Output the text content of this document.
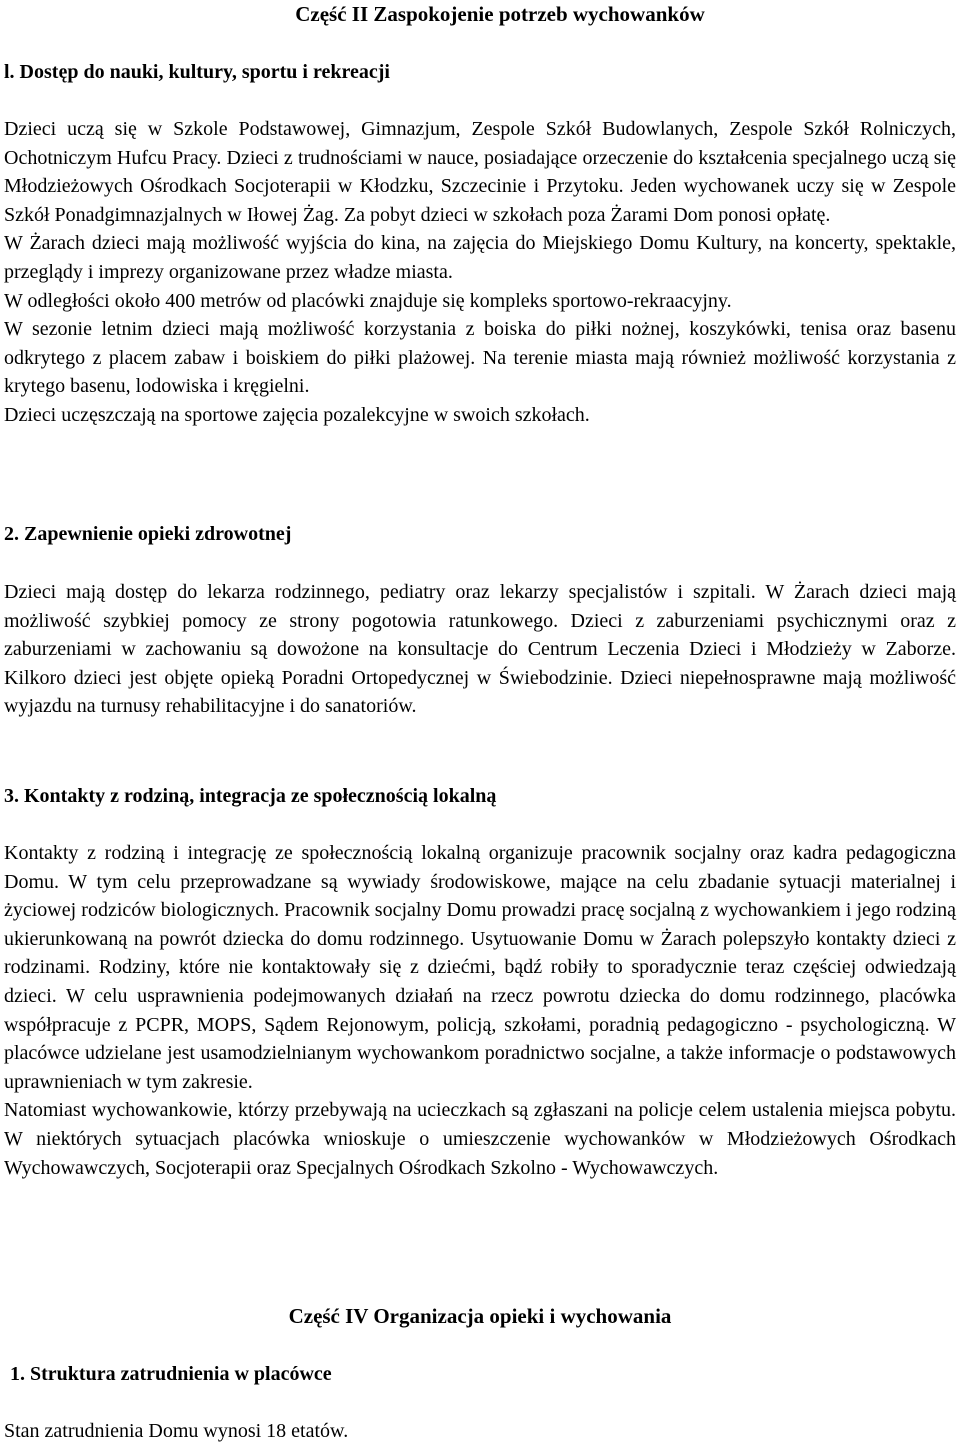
Część II Zaspokojenie potrzeb wychowanków
l. Dostęp do nauki, kultury, sportu i rekreacji

Dzieci uczą się w Szkole Podstawowej, Gimnazjum, Zespole Szkół Budowlanych, Zespole Szkół Rolniczych, Ochotniczym Hufcu Pracy. Dzieci z trudnościami w nauce, posiadające orzeczenie do kształcenia specjalnego uczą się Młodzieżowych Ośrodkach Socjoterapii w Kłodzku, Szczecinie i Przytoku. Jeden wychowanek uczy się w Zespole Szkół Ponadgimnazjalnych w Iłowej Żag. Za pobyt dzieci w szkołach poza Żarami Dom ponosi opłatę.

W Żarach dzieci mają możliwość wyjścia do kina, na zajęcia do Miejskiego Domu Kultury, na koncerty, spektakle, przeglądy i imprezy organizowane przez władze miasta.

W odległości około 400 metrów od placówki znajduje się kompleks sportowo-rekraacyjny.

W sezonie letnim dzieci mają możliwość korzystania z boiska do piłki nożnej, koszykówki, tenisa oraz basenu odkrytego z placem zabaw i boiskiem do piłki plażowej. Na terenie miasta mają również możliwość korzystania z krytego basenu, lodowiska i kręgielni.

Dzieci uczęszczają na sportowe zajęcia pozalekcyjne w swoich szkołach.

2. Zapewnienie opieki zdrowotnej

Dzieci mają dostęp do lekarza rodzinnego, pediatry oraz lekarzy specjalistów i szpitali. W Żarach dzieci mają możliwość szybkiej pomocy ze strony pogotowia ratunkowego. Dzieci z zaburzeniami psychicznymi oraz z zaburzeniami w zachowaniu są dowożone na konsultacje do Centrum Leczenia Dzieci i Młodzieży w Zaborze. Kilkoro dzieci jest objęte opieką Poradni Ortopedycznej w Świebodzinie. Dzieci niepełnosprawne mają możliwość wyjazdu na turnusy rehabilitacyjne i do sanatoriów.

3. Kontakty z rodziną, integracja ze społecznością lokalną

Kontakty z rodziną i integrację ze społecznością lokalną organizuje pracownik socjalny oraz kadra pedagogiczna Domu. W tym celu przeprowadzane są wywiady środowiskowe, mające na celu zbadanie sytuacji materialnej i życiowej rodziców biologicznych. Pracownik socjalny Domu prowadzi pracę socjalną z wychowankiem i jego rodziną ukierunkowaną na powrót dziecka do domu rodzinnego. Usytuowanie Domu w Żarach polepszyło kontakty dzieci z rodzinami. Rodziny, które nie kontaktowały się z dziećmi, bądź robiły to sporadycznie teraz częściej odwiedzają dzieci. W celu usprawnienia podejmowanych działań na rzecz powrotu dziecka do domu rodzinnego, placówka współpracuje z PCPR, MOPS, Sądem Rejonowym, policją, szkołami, poradnią pedagogiczno - psychologiczną. W placówce udzielane jest usamodzielnianym wychowankom poradnictwo socjalne, a także informacje o podstawowych uprawnieniach w tym zakresie.

Natomiast wychowankowie, którzy przebywają na ucieczkach są zgłaszani na policje celem ustalenia miejsca pobytu. W niektórych sytuacjach placówka wnioskuje o umieszczenie wychowanków w Młodzieżowych Ośrodkach Wychowawczych, Socjoterapii oraz Specjalnych Ośrodkach Szkolno - Wychowawczych.

Część IV Organizacja opieki i wychowania
1. Struktura zatrudnienia w placówce

Stan zatrudnienia Domu wynosi 18 etatów.
